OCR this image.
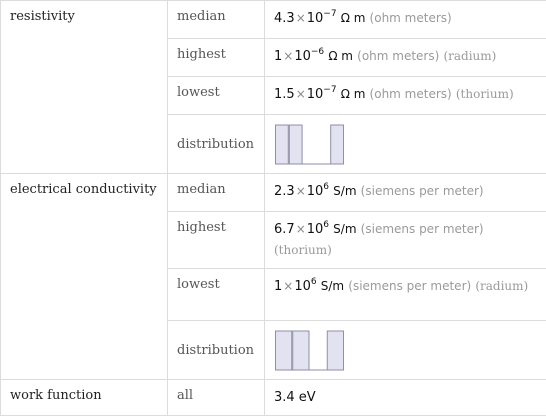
resistivity	median	$4.3\times 10^{-7}$ Ω m (ohm meters)
	highest	$1\times 10^{-6}$ Ω m (ohm meters) (radium)
	lowest	$1.5\times 10^{-7}$ Ω m (ohm meters) (thorium)
	distribution	

electrical conductivity	median	$2.3\times 10^6$ S/m (siemens per meter)
	highest	$6.7\times 10^6$ S/m (siemens per meter) (thorium)
	lowest	$1\times 10^6$ S/m (siemens per meter) (radium)
	distribution	

work function	all	3.4 eV
